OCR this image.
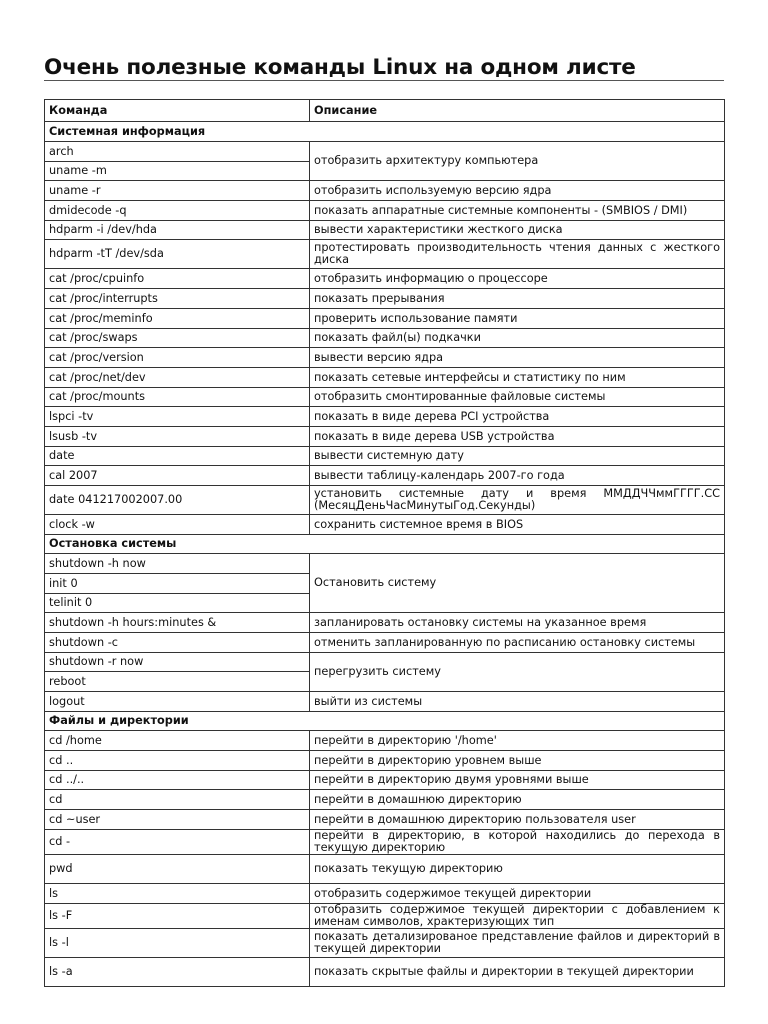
Очень полезные команды Linux на одном листе
Команда	Описание
Системная информация	
arch	отобразить архитектуру компьютера
uname -m	
uname -r	отобразить используемую версию ядра
dmidecode -q	показать аппаратные системные компоненты - (SMBIOS / DMI)
hdparm -i /dev/hda	вывести характеристики жесткого диска
hdparm -tT /dev/sda	протестировать производительность чтения данных с жесткого диска
cat /proc/cpuinfo	отобразить информацию о процессоре
cat /proc/interrupts	показать прерывания
cat /proc/meminfo	проверить использование памяти
cat /proc/swaps	показать файл(ы) подкачки
cat /proc/version	вывести версию ядра
cat /proc/net/dev	показать сетевые интерфейсы и статистику по ним
cat /proc/mounts	отобразить смонтированные файловые системы
lspci -tv	показать в виде дерева PCI устройства
lsusb -tv	показать в виде дерева USB устройства
date	вывести системную дату
cal 2007	вывести таблицу-календарь 2007-го года
date 041217002007.00	установить системные дату и время ММДДЧЧммГГГГ.СС (МесяцДеньЧасМинутыГод.Секунды)
clock -w	сохранить системное время в BIOS
Остановка системы	
shutdown -h now	Остановить систему
init 0	
telinit 0	
shutdown -h hours:minutes &	запланировать остановку системы на указанное время
shutdown -c	отменить запланированную по расписанию остановку системы
shutdown -r now	перегрузить систему
reboot	
logout	выйти из системы
Файлы и директории	
cd /home	перейти в директорию '/home'
cd ..	перейти в директорию уровнем выше
cd ../..	перейти в директорию двумя уровнями выше
cd	перейти в домашнюю директорию
cd ~user	перейти в домашнюю директорию пользователя user
cd -	перейти в директорию, в которой находились до перехода в текущую директорию
pwd	показать текущую директорию
ls	отобразить содержимое текущей директории
ls -F	отобразить содержимое текущей директории с добавлением к именам символов, храктеризующих тип
ls -l	показать детализированое представление файлов и директорий в текущей директории
ls -a	показать скрытые файлы и директории в текущей директории
